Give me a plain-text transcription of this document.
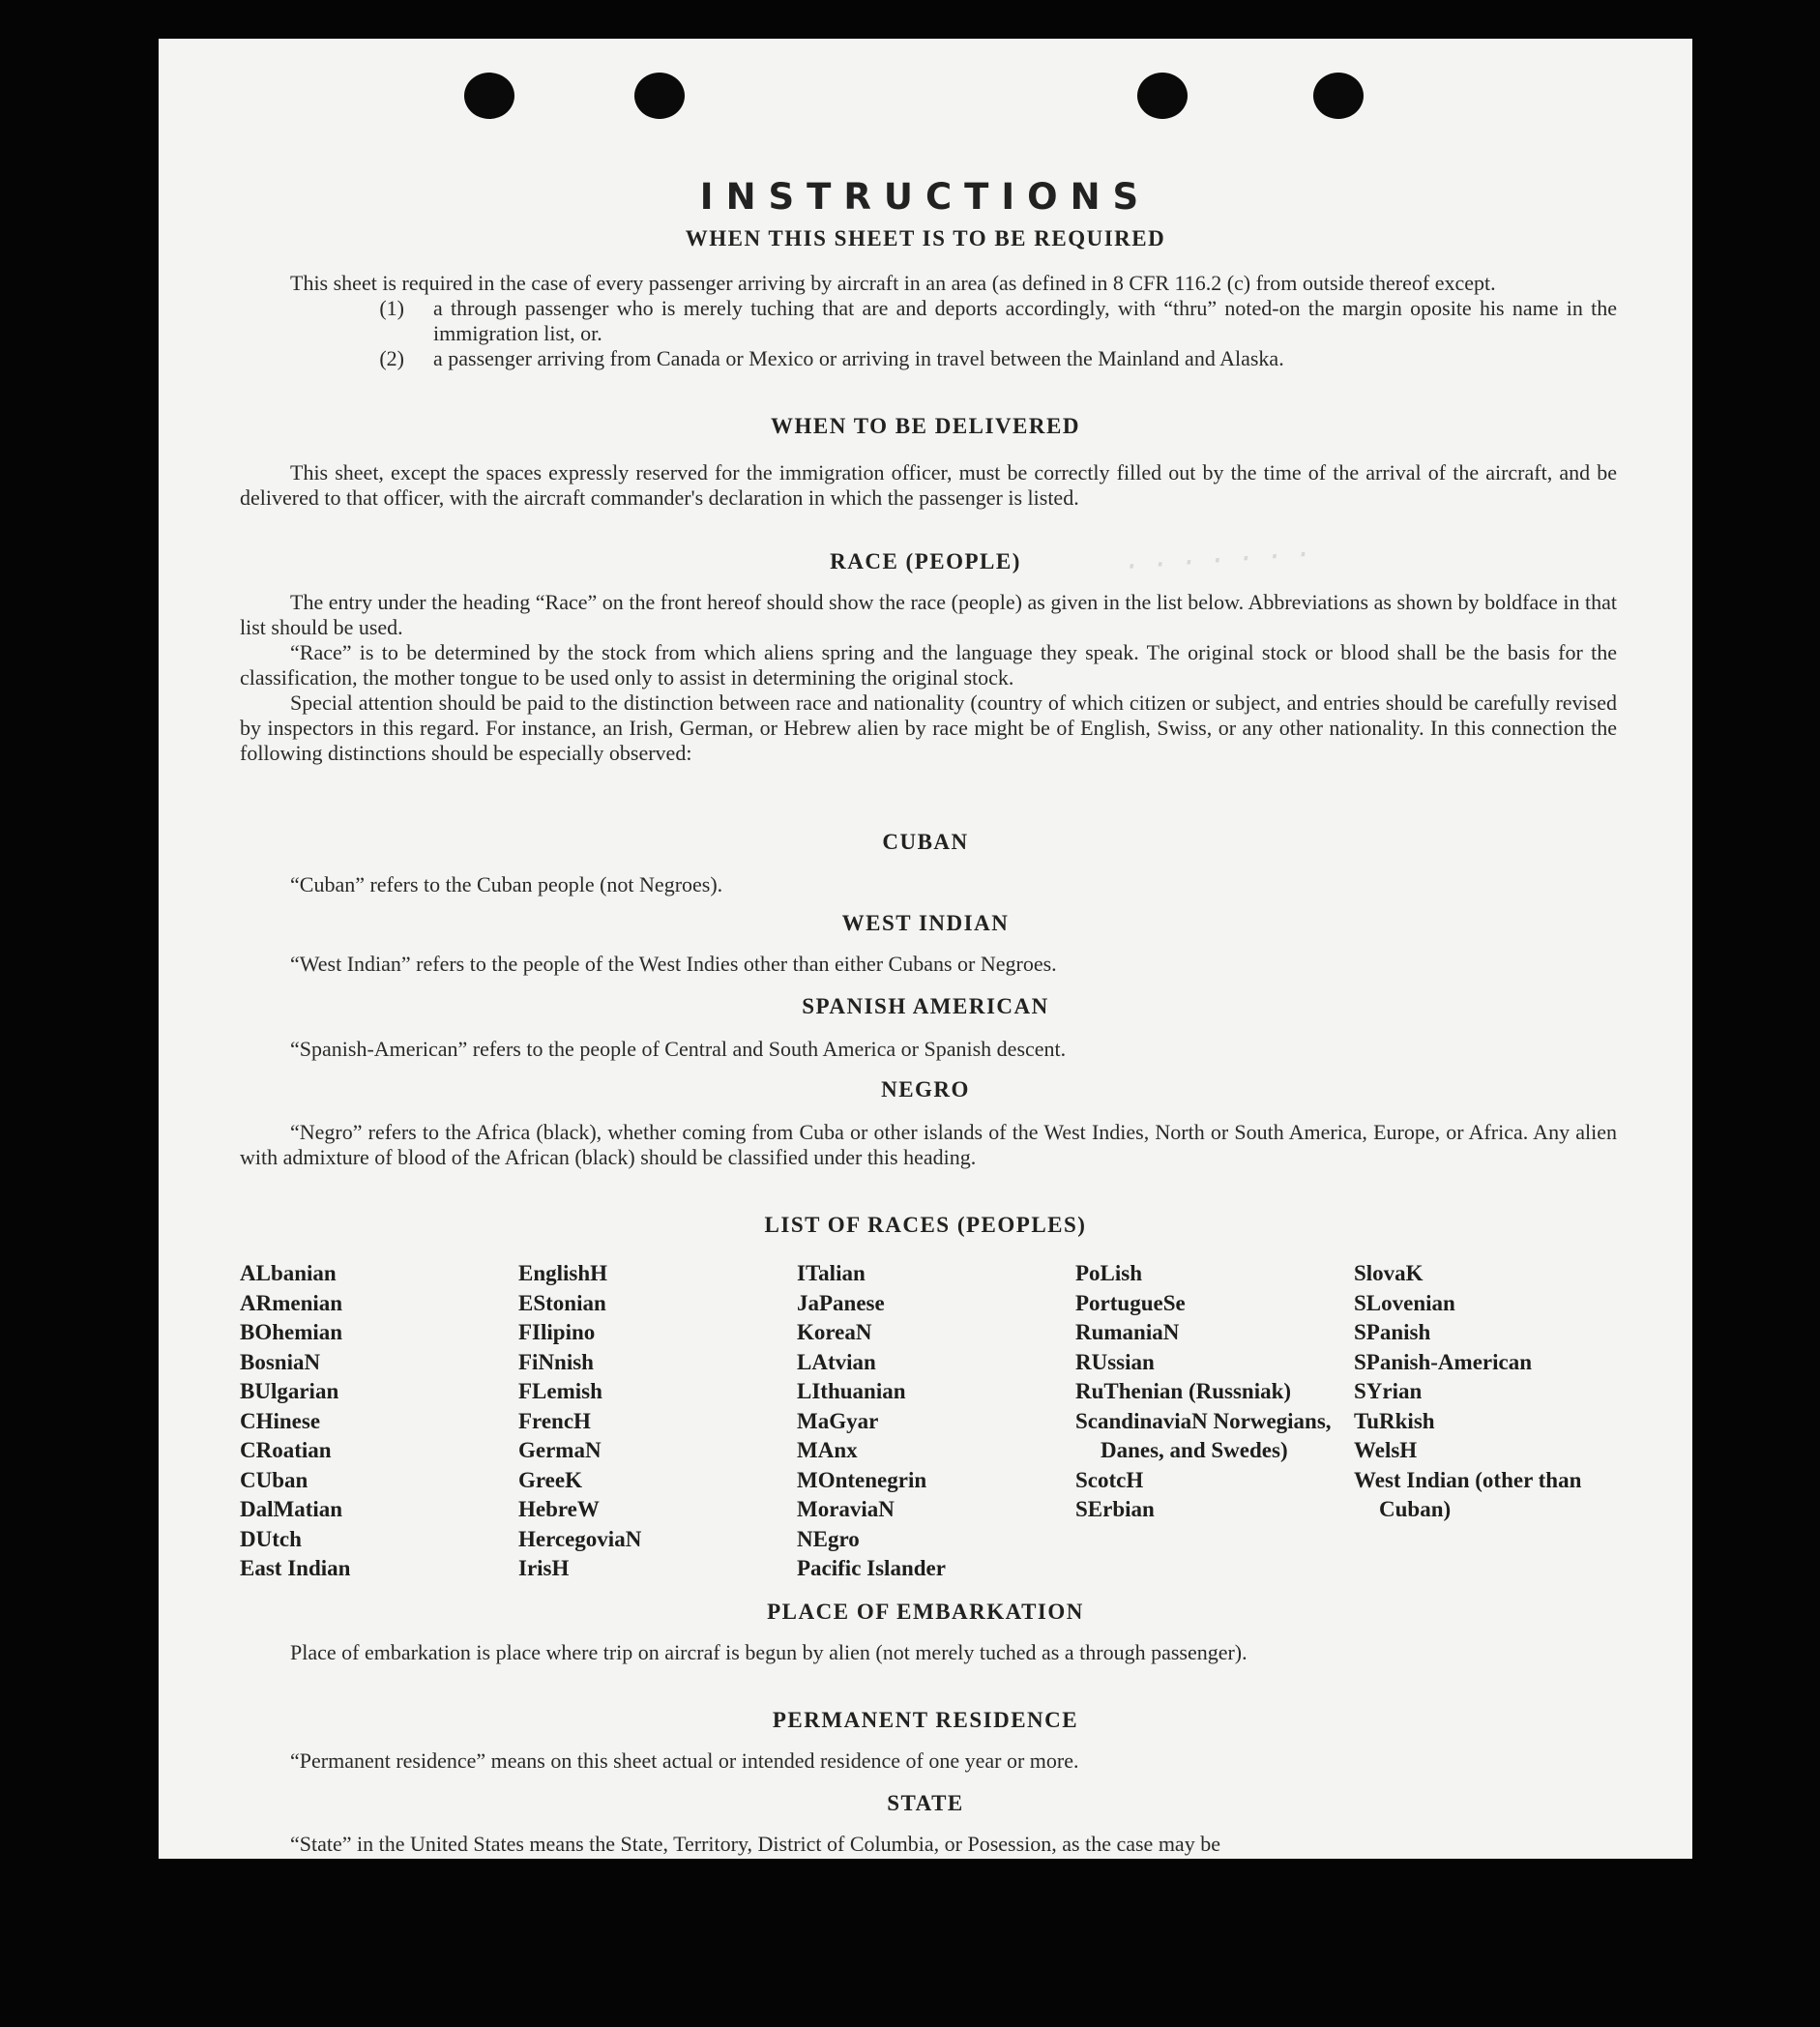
· · · · · · ·
INSTRUCTIONS
WHEN THIS SHEET IS TO BE REQUIRED

This sheet is required in the case of every passenger arriving by aircraft in an area (as defined in 8 CFR 116.2 (c) from outside thereof except.

(1)	a through passenger who is merely tuching that are and deports accordingly, with “thru” noted-on the margin oposite his name in the immigration list, or.
(2)	a passenger arriving from Canada or Mexico or arriving in travel between the Mainland and Alaska.
WHEN TO BE DELIVERED

This sheet, except the spaces expressly reserved for the immigration officer, must be correctly filled out by the time of the arrival of the aircraft, and be delivered to that officer, with the aircraft commander's declaration in which the passenger is listed.

RACE (PEOPLE)

The entry under the heading “Race” on the front hereof should show the race (people) as given in the list below. Abbreviations as shown by boldface in that list should be used.

“Race” is to be determined by the stock from which aliens spring and the language they speak. The original stock or blood shall be the basis for the classification, the mother tongue to be used only to assist in determining the original stock.

Special attention should be paid to the distinction between race and nationality (country of which citizen or subject, and entries should be carefully revised by inspectors in this regard. For instance, an Irish, German, or Hebrew alien by race might be of English, Swiss, or any other nationality. In this connection the following distinctions should be especially observed:

CUBAN

“Cuban” refers to the Cuban people (not Negroes).

WEST INDIAN

“West Indian” refers to the people of the West Indies other than either Cubans or Negroes.

SPANISH AMERICAN

“Spanish-American” refers to the people of Central and South America or Spanish descent.

NEGRO

“Negro” refers to the Africa (black), whether coming from Cuba or other islands of the West Indies, North or South America, Europe, or Africa. Any alien with admixture of blood of the African (black) should be classified under this heading.

LIST OF RACES (PEOPLES)
ALbanian
ARmenian
BOhemian
BosniaN
BUlgarian
CHinese
CRoatian
CUban
DalMatian
DUtch
East Indian
EnglishH
EStonian
FIlipino
FiNnish
FLemish
FrencH
GermaN
GreeK
HebreW
HercegoviaN
IrisH
ITalian
JaPanese
KoreaN
LAtvian
LIthuanian
MaGyar
MAnx
MOntenegrin
MoraviaN
NEgro
Pacific Islander
PoLish
PortugueSe
RumaniaN
RUssian
RuThenian (Russniak)
ScandinaviaN Norwegians, Danes, and Swedes)
ScotcH
SErbian
SlovaK
SLovenian
SPanish
SPanish-American
SYrian
TuRkish
WelsH
West Indian (other than Cuban)
PLACE OF EMBARKATION

Place of embarkation is place where trip on aircraf is begun by alien (not merely tuched as a through passenger).

PERMANENT RESIDENCE

“Permanent residence” means on this sheet actual or intended residence of one year or more.

STATE

“State” in the United States means the State, Territory, District of Columbia, or Posession, as the case may be
